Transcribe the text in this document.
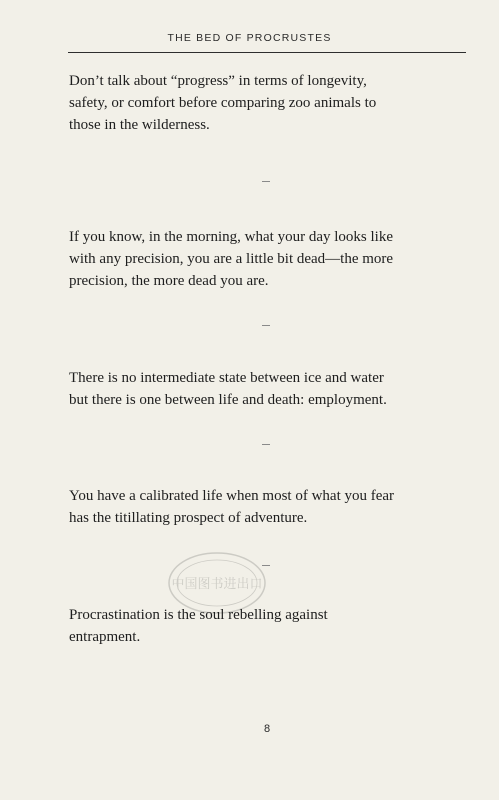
THE BED OF PROCRUSTES

Don’t talk about “progress” in terms of longevity,
safety, or comfort before comparing zoo animals to
those in the wilderness.

If you know, in the morning, what your day looks like
with any precision, you are a little bit dead—the more
precision, the more dead you are.

There is no intermediate state between ice and water
but there is one between life and death: employment.

You have a calibrated life when most of what you fear
has the titillating prospect of adventure.

中国图书进出口

Procrastination is the soul rebelling against
entrapment.

8
